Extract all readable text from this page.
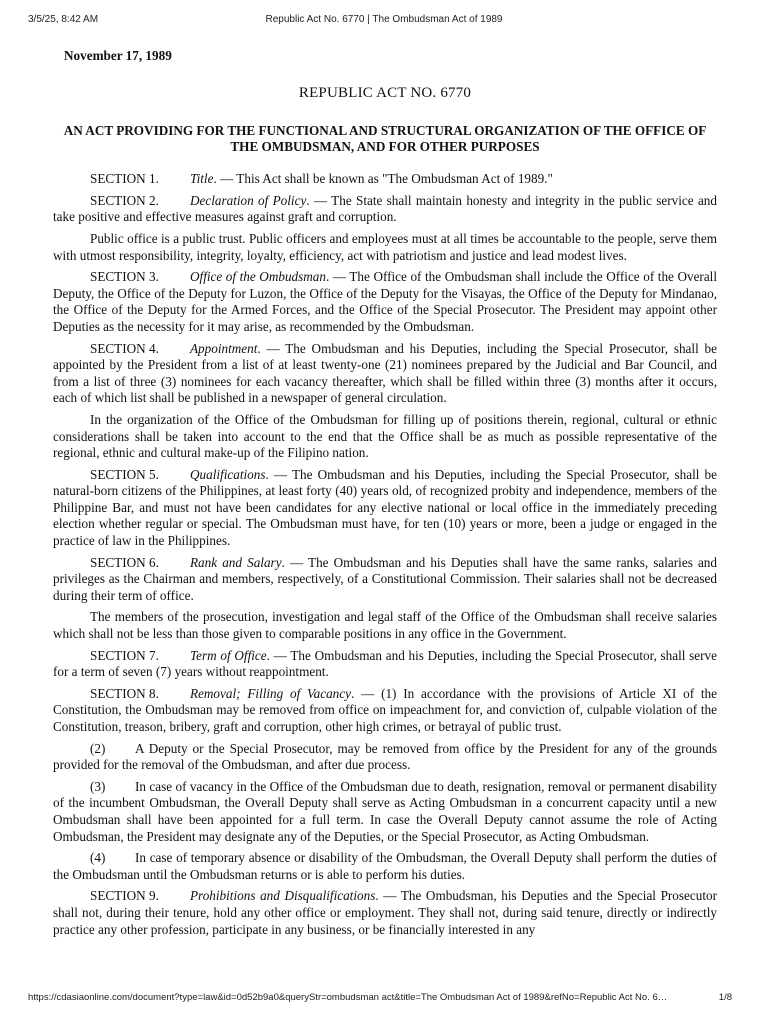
3/5/25, 8:42 AM	Republic Act No. 6770 | The Ombudsman Act of 1989
November 17, 1989
REPUBLIC ACT NO. 6770
AN ACT PROVIDING FOR THE FUNCTIONAL AND STRUCTURAL ORGANIZATION OF THE OFFICE OF THE OMBUDSMAN, AND FOR OTHER PURPOSES

SECTION 1. Title. — This Act shall be known as "The Ombudsman Act of 1989."

SECTION 2. Declaration of Policy. — The State shall maintain honesty and integrity in the public service and take positive and effective measures against graft and corruption.

Public office is a public trust. Public officers and employees must at all times be accountable to the people, serve them with utmost responsibility, integrity, loyalty, efficiency, act with patriotism and justice and lead modest lives.

SECTION 3. Office of the Ombudsman. — The Office of the Ombudsman shall include the Office of the Overall Deputy, the Office of the Deputy for Luzon, the Office of the Deputy for the Visayas, the Office of the Deputy for Mindanao, the Office of the Deputy for the Armed Forces, and the Office of the Special Prosecutor. The President may appoint other Deputies as the necessity for it may arise, as recommended by the Ombudsman.

SECTION 4. Appointment. — The Ombudsman and his Deputies, including the Special Prosecutor, shall be appointed by the President from a list of at least twenty-one (21) nominees prepared by the Judicial and Bar Council, and from a list of three (3) nominees for each vacancy thereafter, which shall be filled within three (3) months after it occurs, each of which list shall be published in a newspaper of general circulation.

In the organization of the Office of the Ombudsman for filling up of positions therein, regional, cultural or ethnic considerations shall be taken into account to the end that the Office shall be as much as possible representative of the regional, ethnic and cultural make-up of the Filipino nation.

SECTION 5. Qualifications. — The Ombudsman and his Deputies, including the Special Prosecutor, shall be natural-born citizens of the Philippines, at least forty (40) years old, of recognized probity and independence, members of the Philippine Bar, and must not have been candidates for any elective national or local office in the immediately preceding election whether regular or special. The Ombudsman must have, for ten (10) years or more, been a judge or engaged in the practice of law in the Philippines.

SECTION 6. Rank and Salary. — The Ombudsman and his Deputies shall have the same ranks, salaries and privileges as the Chairman and members, respectively, of a Constitutional Commission. Their salaries shall not be decreased during their term of office.

The members of the prosecution, investigation and legal staff of the Office of the Ombudsman shall receive salaries which shall not be less than those given to comparable positions in any office in the Government.

SECTION 7. Term of Office. — The Ombudsman and his Deputies, including the Special Prosecutor, shall serve for a term of seven (7) years without reappointment.

SECTION 8. Removal; Filling of Vacancy. — (1) In accordance with the provisions of Article XI of the Constitution, the Ombudsman may be removed from office on impeachment for, and conviction of, culpable violation of the Constitution, treason, bribery, graft and corruption, other high crimes, or betrayal of public trust.

(2) A Deputy or the Special Prosecutor, may be removed from office by the President for any of the grounds provided for the removal of the Ombudsman, and after due process.

(3) In case of vacancy in the Office of the Ombudsman due to death, resignation, removal or permanent disability of the incumbent Ombudsman, the Overall Deputy shall serve as Acting Ombudsman in a concurrent capacity until a new Ombudsman shall have been appointed for a full term. In case the Overall Deputy cannot assume the role of Acting Ombudsman, the President may designate any of the Deputies, or the Special Prosecutor, as Acting Ombudsman.

(4) In case of temporary absence or disability of the Ombudsman, the Overall Deputy shall perform the duties of the Ombudsman until the Ombudsman returns or is able to perform his duties.

SECTION 9. Prohibitions and Disqualifications. — The Ombudsman, his Deputies and the Special Prosecutor shall not, during their tenure, hold any other office or employment. They shall not, during said tenure, directly or indirectly practice any other profession, participate in any business, or be financially interested in any

https://cdasiaonline.com/document?type=law&id=0d52b9a0&queryStr=ombudsman act&title=The Ombudsman Act of 1989&refNo=Republic Act No. 6…	1/8
